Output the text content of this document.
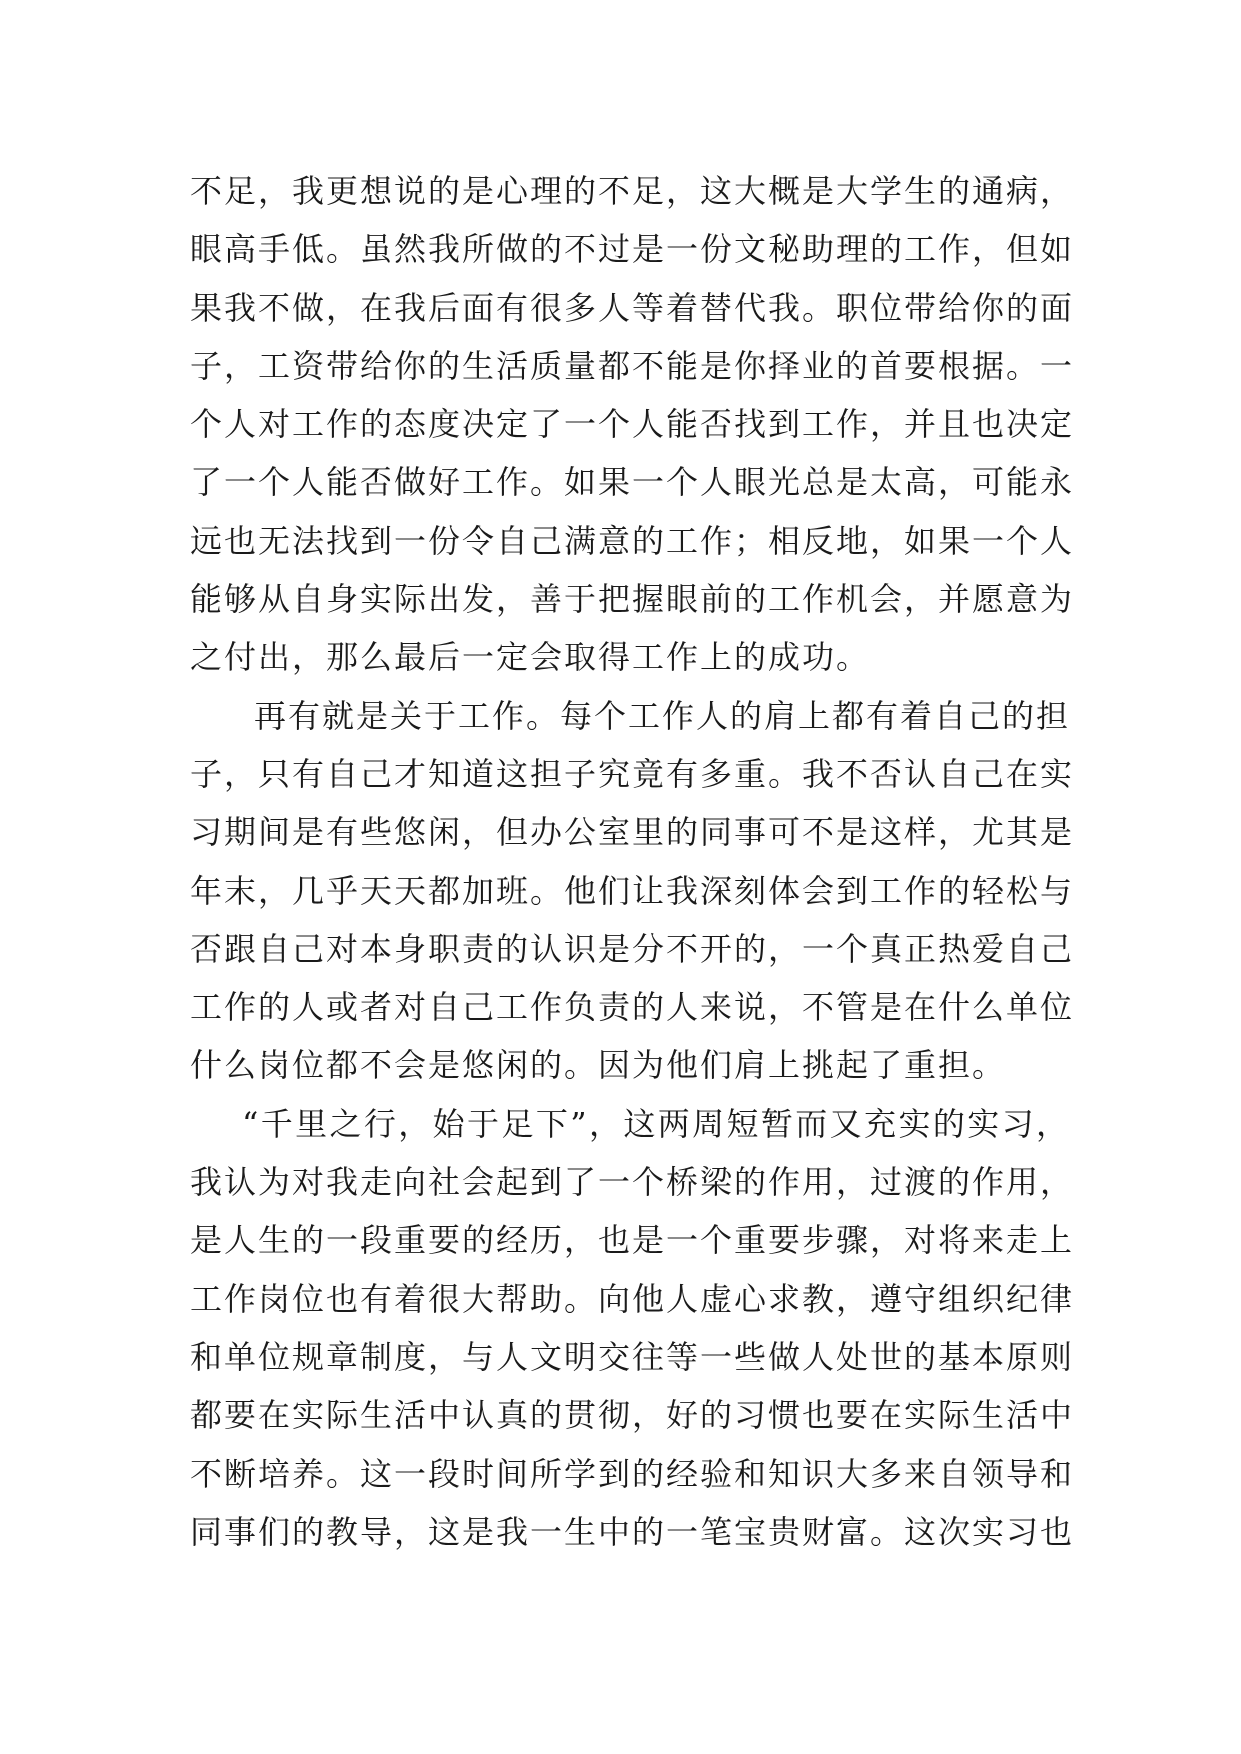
不足，我更想说的是心理的不足，这大概是大学生的通病，
眼高手低。虽然我所做的不过是一份文秘助理的工作，但如
果我不做，在我后面有很多人等着替代我。职位带给你的面
子，工资带给你的生活质量都不能是你择业的首要根据。一
个人对工作的态度决定了一个人能否找到工作，并且也决定
了一个人能否做好工作。如果一个人眼光总是太高，可能永
远也无法找到一份令自己满意的工作；相反地，如果一个人
能够从自身实际出发，善于把握眼前的工作机会，并愿意为
之付出，那么最后一定会取得工作上的成功。
再有就是关于工作。每个工作人的肩上都有着自己的担
子，只有自己才知道这担子究竟有多重。我不否认自己在实
习期间是有些悠闲，但办公室里的同事可不是这样，尤其是
年末，几乎天天都加班。他们让我深刻体会到工作的轻松与
否跟自己对本身职责的认识是分不开的，一个真正热爱自己
工作的人或者对自己工作负责的人来说，不管是在什么单位
什么岗位都不会是悠闲的。因为他们肩上挑起了重担。
“千里之行，始于足下”，这两周短暂而又充实的实习，
我认为对我走向社会起到了一个桥梁的作用，过渡的作用，
是人生的一段重要的经历，也是一个重要步骤，对将来走上
工作岗位也有着很大帮助。向他人虚心求教，遵守组织纪律
和单位规章制度，与人文明交往等一些做人处世的基本原则
都要在实际生活中认真的贯彻，好的习惯也要在实际生活中
不断培养。这一段时间所学到的经验和知识大多来自领导和
同事们的教导，这是我一生中的一笔宝贵财富。这次实习也
